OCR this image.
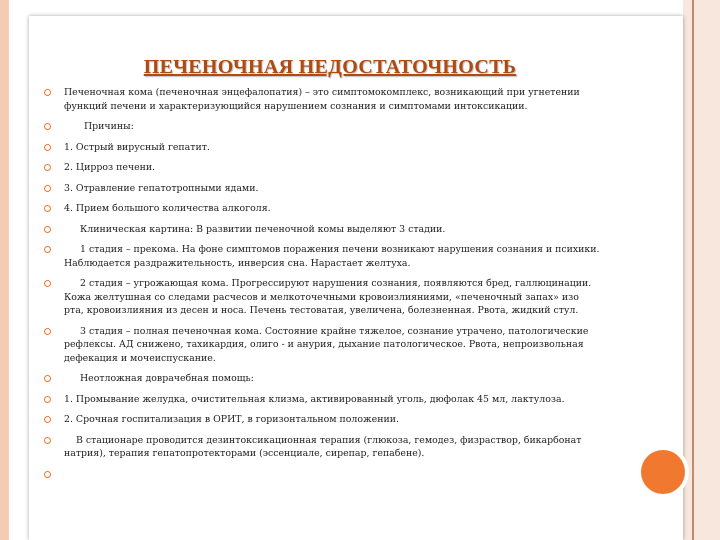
ПЕЧЕНОЧНАЯ НЕДОСТАТОЧНОСТЬ
Печеночная кома (печеночная энцефалопатия) – это симптомокомплекс, возникающий при угнетении функций печени и характеризующийся нарушением сознания и симптомами интоксикации.
Причины:
1. Острый вирусный гепатит.
2. Цирроз печени.
3. Отравление гепатотропными ядами.
4. Прием большого количества алкоголя.
Клиническая картина: В развитии печеночной комы выделяют 3 стадии.
1 стадия – прекома. На фоне симптомов поражения печени возникают нарушения сознания и психики. Наблюдается раздражительность, инверсия сна. Нарастает желтуха.
2 стадия – угрожающая кома. Прогрессируют нарушения сознания, появляются бред, галлюцинации. Кожа желтушная со следами расчесов и мелкоточечными кровоизлияниями, «печеночный запах» изо рта, кровоизлияния из десен и носа. Печень тестоватая, увеличена, болезненная. Рвота, жидкий стул.
3 стадия – полная печеночная кома. Состояние крайне тяжелое, сознание утрачено, патологические рефлексы. АД снижено, тахикардия, олиго - и анурия, дыхание патологическое. Рвота, непроизвольная дефекация и мочеиспускание.
Неотложная доврачебная помощь:
1. Промывание желудка, очистительная клизма, активированный уголь, дюфолак 45 мл, лактулоза.
2. Срочная госпитализация в ОРИТ, в горизонтальном положении.
В стационаре проводится дезинтоксикационная терапия (глюкоза, гемодез, физраствор, бикарбонат натрия), терапия гепатопротекторами (эссенциале, сирепар, гепабене).
